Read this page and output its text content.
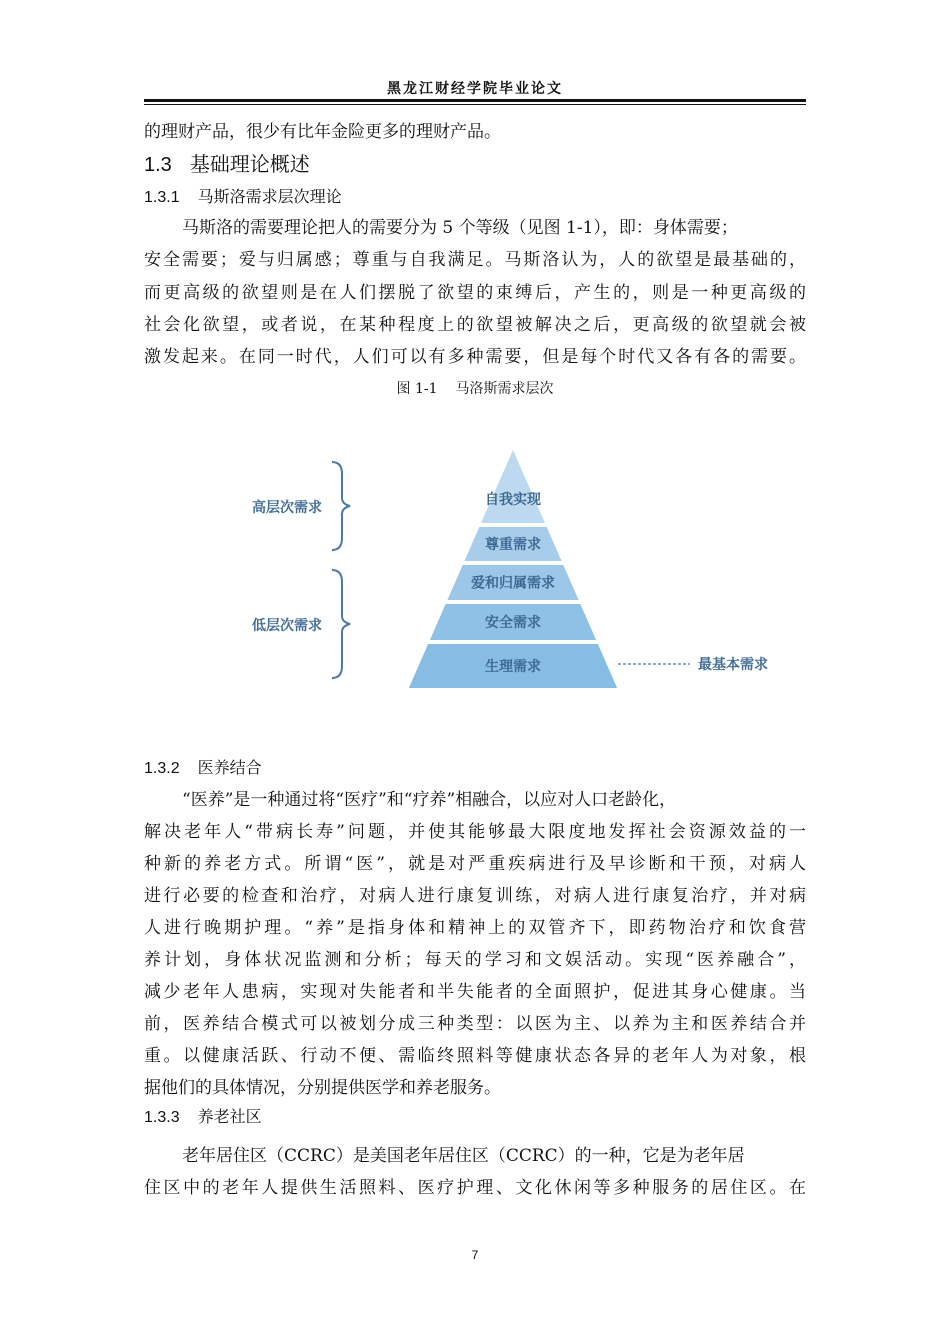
黑龙江财经学院毕业论文
的理财产品，很少有比年金险更多的理财产品。
1.3 基础理论概述
1.3.1 马斯洛需求层次理论
马斯洛的需要理论把人的需要分为 5 个等级（见图 1-1），即：身体需要；
安全需要；爱与归属感；尊重与自我满足。马斯洛认为，人的欲望是最基础的，
而更高级的欲望则是在人们摆脱了欲望的束缚后，产生的，则是一种更高级的
社会化欲望，或者说，在某种程度上的欲望被解决之后，更高级的欲望就会被
激发起来。在同一时代，人们可以有多种需要，但是每个时代又各有各的需要。
图 1-1 马洛斯需求层次
自我实现
尊重需求
爱和归属需求
安全需求
生理需求
高层次需求
低层次需求
最基本需求
1.3.2 医养结合
“医养”是一种通过将“医疗”和“疗养”相融合，以应对人口老龄化，
解决老年人“带病长寿”问题，并使其能够最大限度地发挥社会资源效益的一
种新的养老方式。所谓“医”，就是对严重疾病进行及早诊断和干预，对病人
进行必要的检查和治疗，对病人进行康复训练，对病人进行康复治疗，并对病
人进行晚期护理。“养”是指身体和精神上的双管齐下，即药物治疗和饮食营
养计划，身体状况监测和分析；每天的学习和文娱活动。实现“医养融合”，
减少老年人患病，实现对失能者和半失能者的全面照护，促进其身心健康。当
前，医养结合模式可以被划分成三种类型：以医为主、以养为主和医养结合并
重。以健康活跃、行动不便、需临终照料等健康状态各异的老年人为对象，根
据他们的具体情况，分别提供医学和养老服务。
1.3.3 养老社区
老年居住区（CCRC）是美国老年居住区（CCRC）的一种，它是为老年居
住区中的老年人提供生活照料、医疗护理、文化休闲等多种服务的居住区。在
7
